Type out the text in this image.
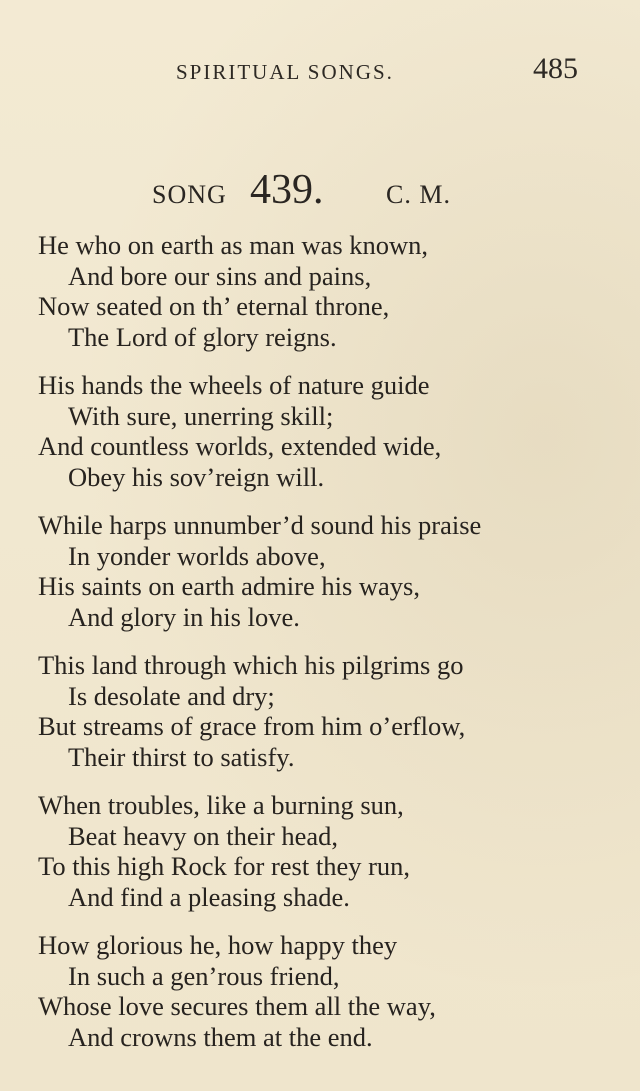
SPIRITUAL SONGS.	485
SONG 439. C. M.
He who on earth as man was known,
And bore our sins and pains,
Now seated on th’ eternal throne,
The Lord of glory reigns.
His hands the wheels of nature guide
With sure, unerring skill;
And countless worlds, extended wide,
Obey his sov’reign will.
While harps unnumber’d sound his praise
In yonder worlds above,
His saints on earth admire his ways,
And glory in his love.
This land through which his pilgrims go
Is desolate and dry;
But streams of grace from him o’erflow,
Their thirst to satisfy.
When troubles, like a burning sun,
Beat heavy on their head,
To this high Rock for rest they run,
And find a pleasing shade.
How glorious he, how happy they
In such a gen’rous friend,
Whose love secures them all the way,
And crowns them at the end.
